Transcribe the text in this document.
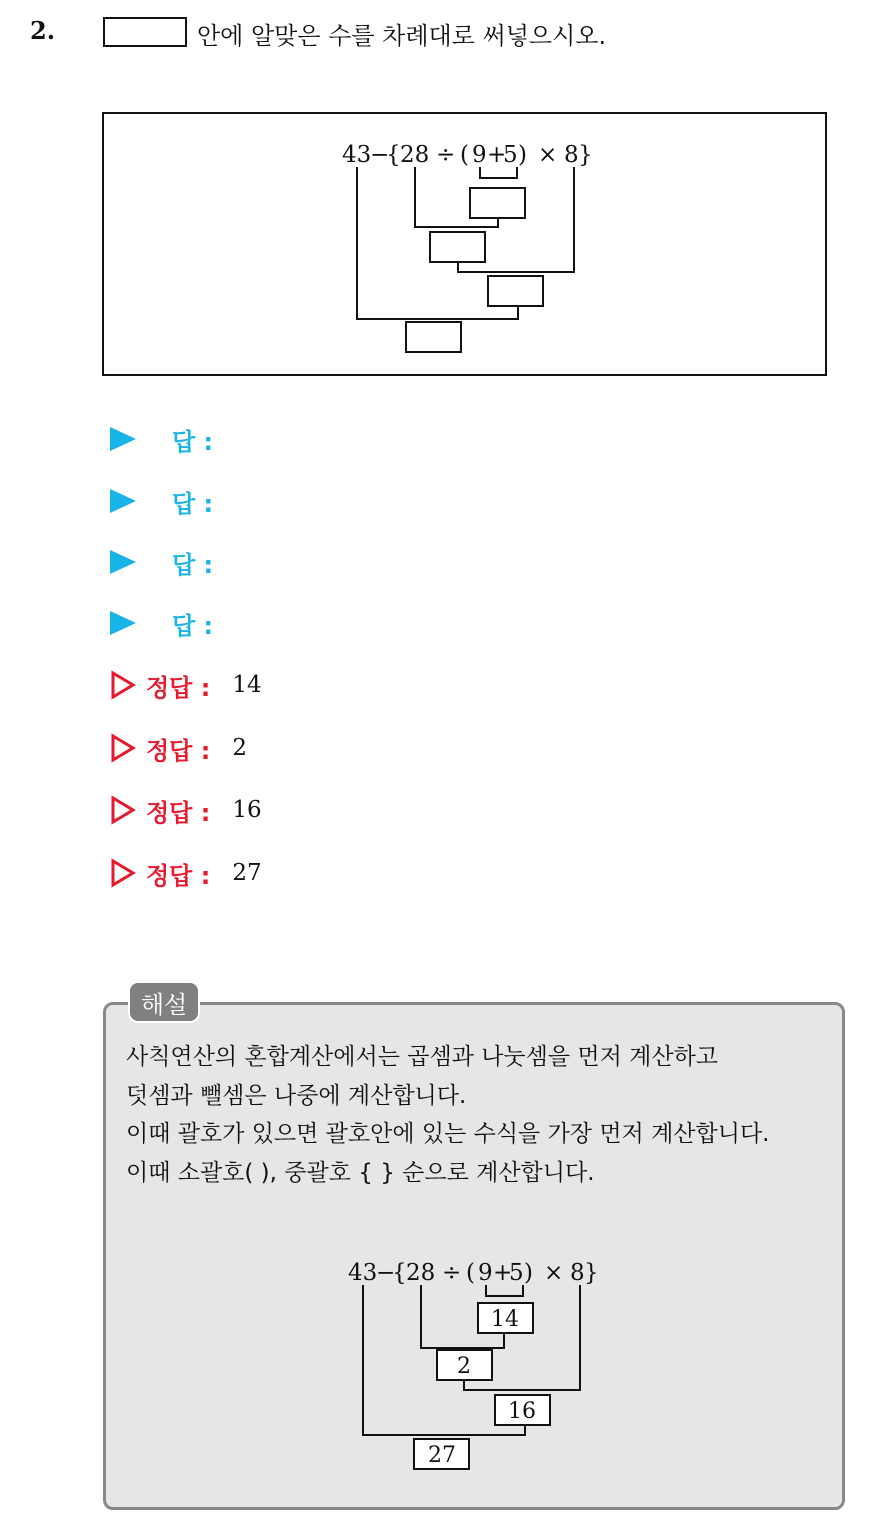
2.	안에 알맞은 수를 차례대로 써넣으시오.
43
−
{ 28 ÷ ( 9 +
5 ) × 8 }
답 :
답 :
답 :
답 :
정답 : 14
정답 : 2
정답 : 16
정답 : 27
해설

사칙연산의 혼합계산에서는 곱셈과 나눗셈을 먼저 계산하고

덧셈과 뺄셈은 나중에 계산합니다.

이때 괄호가 있으면 괄호안에 있는 수식을 가장 먼저 계산합니다.

이때 소괄호( ), 중괄호 { } 순으로 계산합니다.

43
−
{ 28 ÷ ( 9 +
5 ) × 8 }
14
2
16
27
